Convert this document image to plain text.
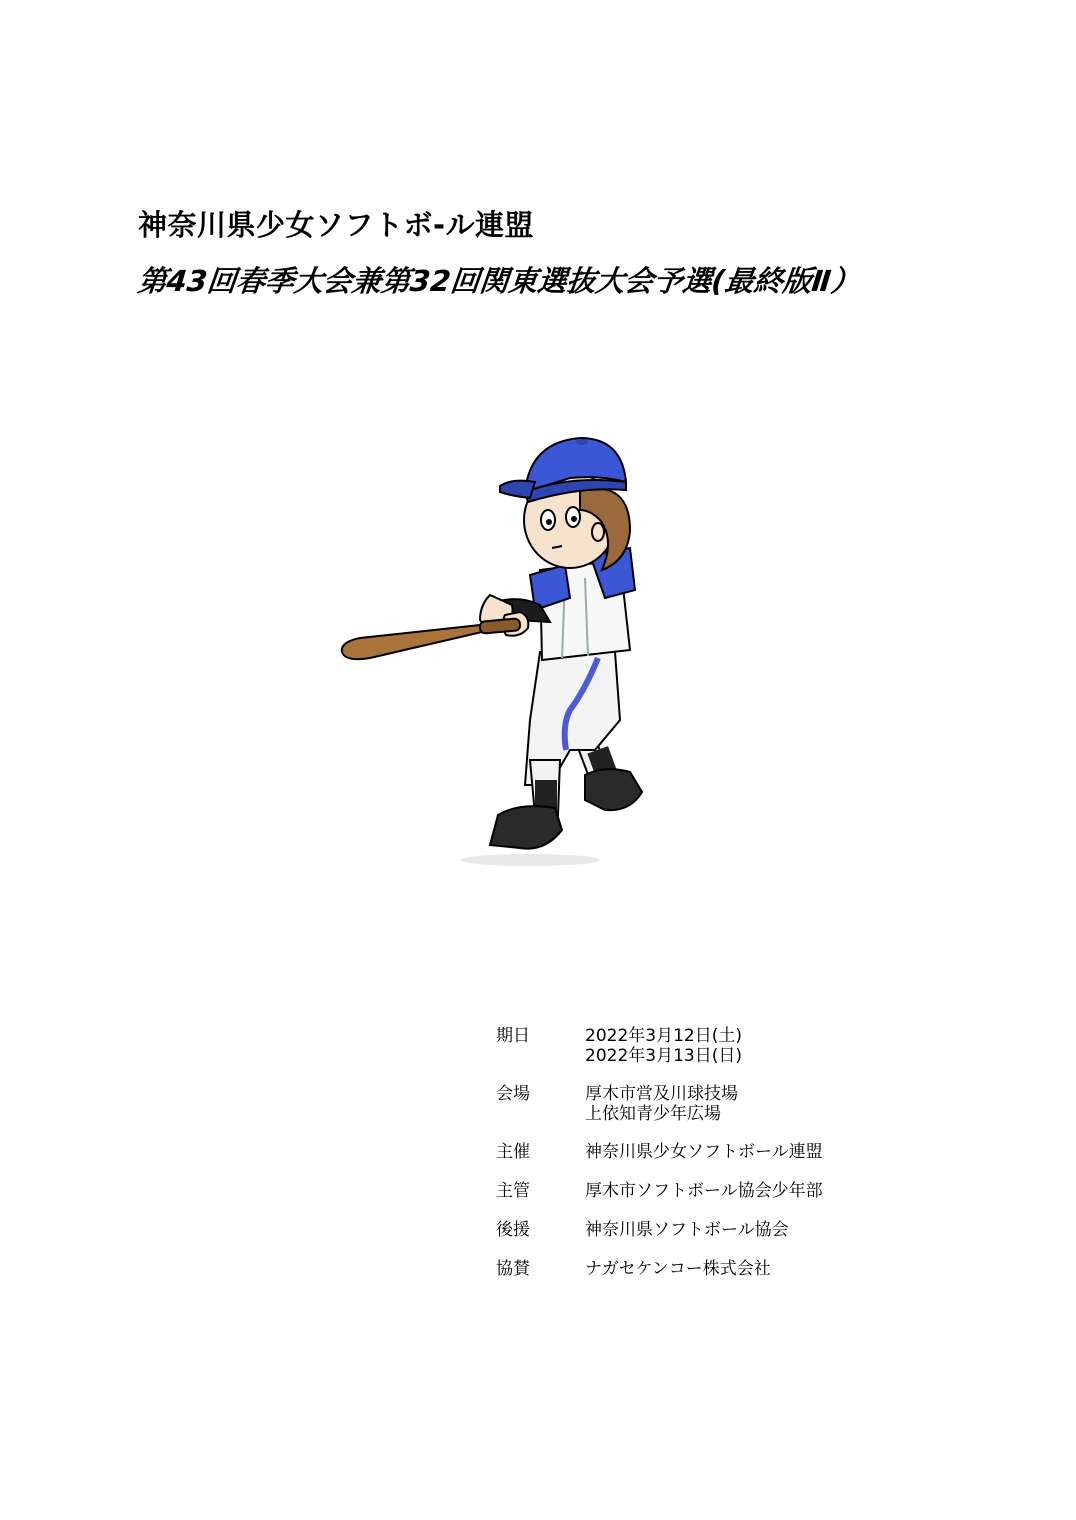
神奈川県少女ソフトボ-ル連盟
第43回春季大会兼第32回関東選抜大会予選(最終版Ⅱ）
期日	2022年3月12日(土)
2022年3月13日(日)
会場	厚木市営及川球技場
上依知青少年広場
主催	神奈川県少女ソフトボール連盟
主管	厚木市ソフトボール協会少年部
後援	神奈川県ソフトボール協会
協賛	ナガセケンコー株式会社
